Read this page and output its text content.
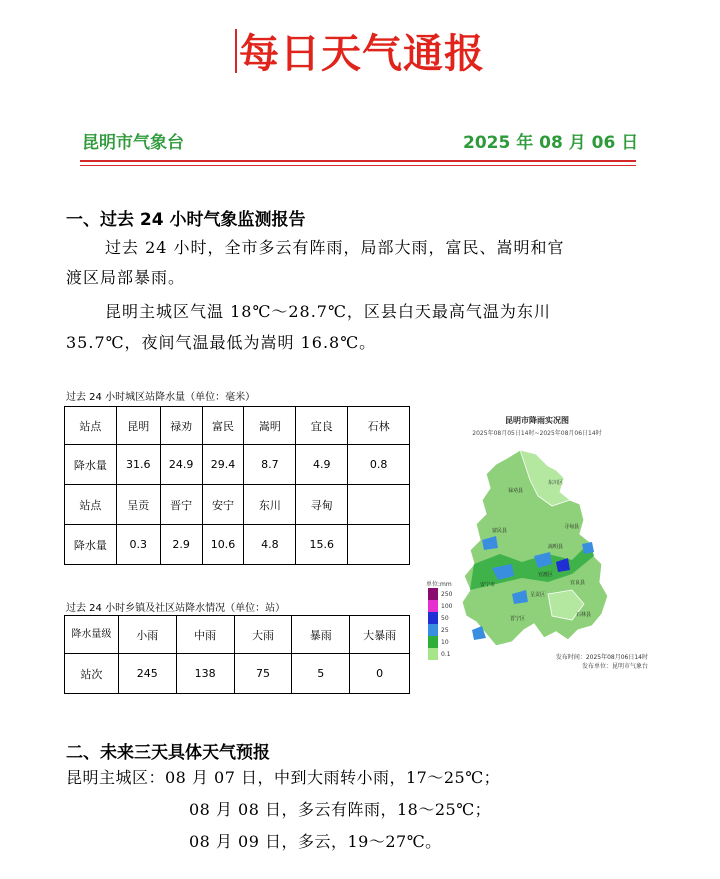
每日天气通报
昆明市气象台	2025 年 08 月 06 日
一、过去 24 小时气象监测报告
过去 24 小时，全市多云有阵雨，局部大雨，富民、嵩明和官
渡区局部暴雨。
昆明主城区气温 18℃～28.7℃，区县白天最高气温为东川
35.7℃，夜间气温最低为嵩明 16.8℃。
过去 24 小时城区站降水量（单位：毫米）
站点	昆明	禄劝	富民	嵩明	宜良	石林
降水量	31.6	24.9	29.4	8.7	4.9	0.8
站点	呈贡	晋宁	安宁	东川	寻甸	
降水量	0.3	2.9	10.6	4.8	15.6	
过去 24 小时乡镇及社区站降水情况（单位：站）
降水量级	小雨	中雨	大雨	暴雨	大暴雨
站次	245	138	75	5	0
昆明市降雨实况图
2025年08月05日14时~2025年08月06日14时
禄劝县
东川区
寻甸县
嵩明县
富民县
官渡区
宜良县
安宁市
呈贡区
晋宁区
石林县
单位:mm
250
100
50
25
10
0.1	发布时间：2025年08月06日14时
发布单位：昆明市气象台
二、未来三天具体天气预报
昆明主城区：08 月 07 日，中到大雨转小雨，17～25℃；
08 月 08 日，多云有阵雨，18～25℃；
08 月 09 日，多云，19～27℃。
